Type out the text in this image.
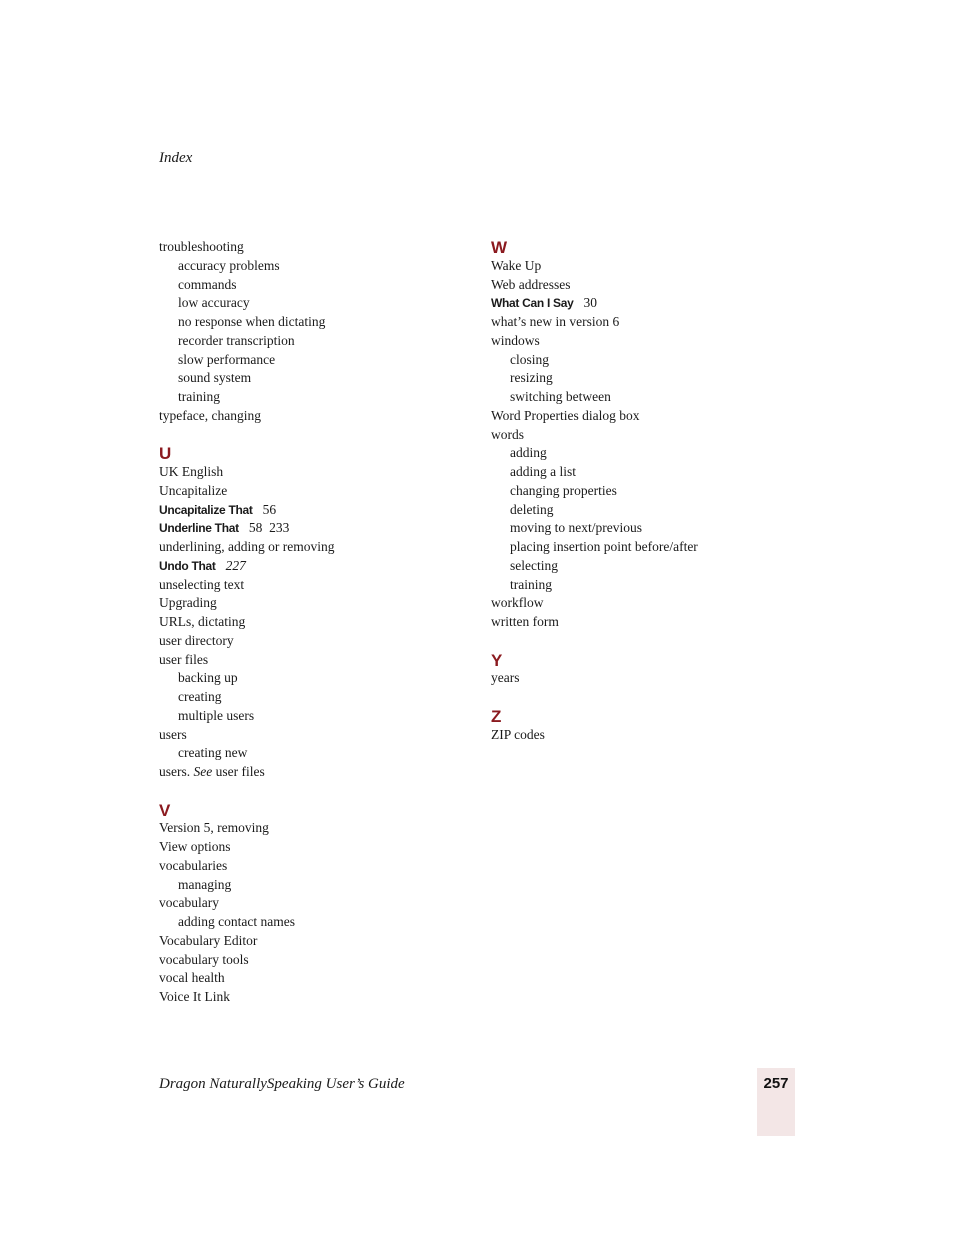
Index
troubleshooting
accuracy problems
commands
low accuracy
no response when dictating
recorder transcription
slow performance
sound system
training
typeface, changing
U
UK English
Uncapitalize
Uncapitalize That 56
Underline That 58  233
underlining, adding or removing
Undo That 227
unselecting text
Upgrading
URLs, dictating
user directory
user files
backing up
creating
multiple users
users
creating new
users. See user files
V
Version 5, removing
View options
vocabularies
managing
vocabulary
adding contact names
Vocabulary Editor
vocabulary tools
vocal health
Voice It Link
W
Wake Up
Web addresses
What Can I Say 30
what’s new in version 6
windows
closing
resizing
switching between
Word Properties dialog box
words
adding
adding a list
changing properties
deleting
moving to next/previous
placing insertion point before/after
selecting
training
workflow
written form
Y
years
Z
ZIP codes
Dragon NaturallySpeaking User’s Guide	257
